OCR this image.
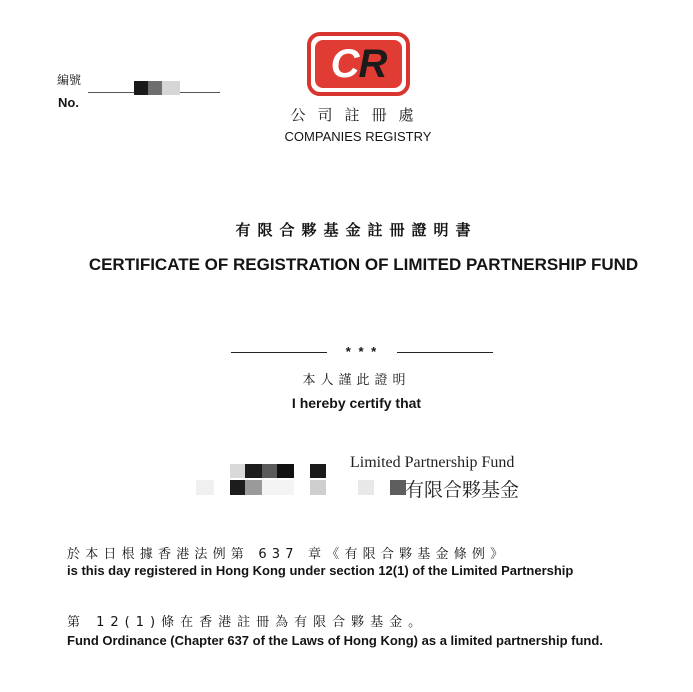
編號
No.
CR
公司註冊處
COMPANIES REGISTRY
有限合夥基金註冊證明書
CERTIFICATE OF REGISTRATION OF LIMITED PARTNERSHIP FUND
* * *
本人謹此證明
I hereby certify that
Limited Partnership Fund
有限合夥基金
於本日根據香港法例第 637 章《有限合夥基金條例》
is this day registered in Hong Kong under section 12(1) of the Limited Partnership
第 12(1)條在香港註冊為有限合夥基金。
Fund Ordinance (Chapter 637 of the Laws of Hong Kong) as a limited partnership fund.
